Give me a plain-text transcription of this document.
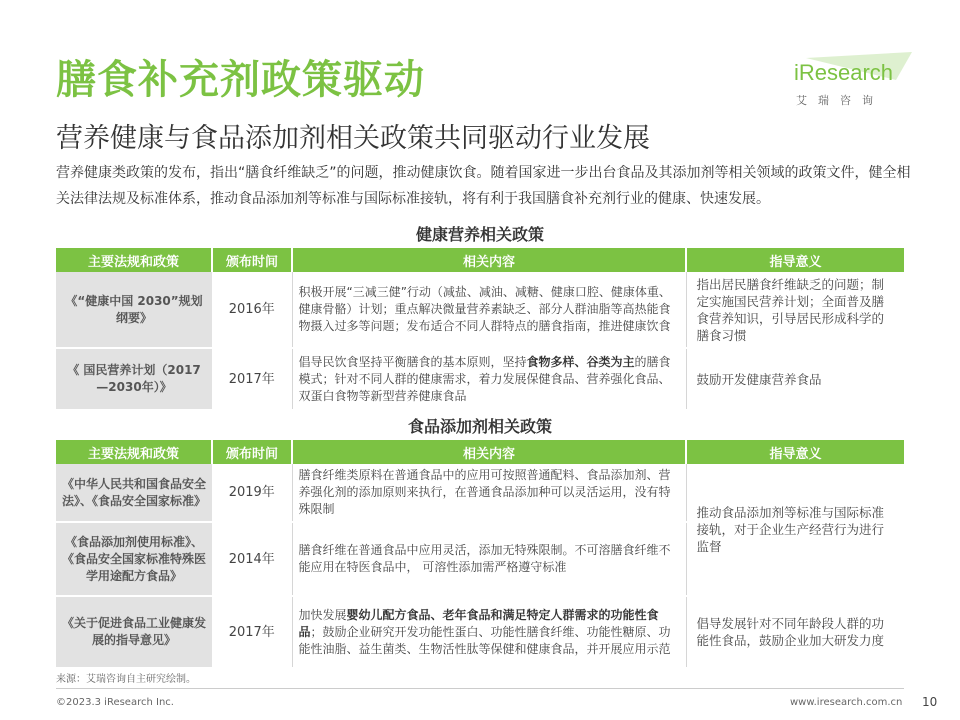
膳食补充剂政策驱动	iResearch
艾瑞咨询
营养健康与食品添加剂相关政策共同驱动行业发展
营养健康类政策的发布，指出“膳食纤维缺乏”的问题，推动健康饮食。随着国家进一步出台食品及其添加剂等相关领域的政策文件，健全相关法律法规及标准体系，推动食品添加剂等标准与国际标准接轨，将有利于我国膳食补充剂行业的健康、快速发展。
健康营养相关政策
主要法规和政策	颁布时间	相关内容	指导意义
《“健康中国 2030”规划纲要》	2016年	积极开展“三减三健”行动（减盐、减油、减糖、健康口腔、健康体重、健康骨骼）计划；重点解决微量营养素缺乏、部分人群油脂等高热能食物摄入过多等问题；发布适合不同人群特点的膳食指南，推进健康饮食	指出居民膳食纤维缺乏的问题；制定实施国民营养计划；全面普及膳食营养知识，引导居民形成科学的膳食习惯
《 国民营养计划（2017—2030年）》	2017年	倡导民饮食坚持平衡膳食的基本原则，坚持食物多样、谷类为主的膳食模式；针对不同人群的健康需求，着力发展保健食品、营养强化食品、双蛋白食物等新型营养健康食品	鼓励开发健康营养食品
食品添加剂相关政策
主要法规和政策	颁布时间	相关内容	指导意义
《中华人民共和国食品安全法》、《食品安全国家标准》	2019年	膳食纤维类原料在普通食品中的应用可按照普通配料、食品添加剂、营养强化剂的添加原则来执行，在普通食品添加种可以灵活运用，没有特殊限制	推动食品添加剂等标准与国际标准接轨，对于企业生产经营行为进行监督
《食品添加剂使用标准》、《食品安全国家标准特殊医学用途配方食品》	2014年	膳食纤维在普通食品中应用灵活，添加无特殊限制。不可溶膳食纤维不能应用在特医食品中， 可溶性添加需严格遵守标准	
《关于促进食品工业健康发展的指导意见》	2017年	加快发展婴幼儿配方食品、老年食品和满足特定人群需求的功能性食品；鼓励企业研究开发功能性蛋白、功能性膳食纤维、功能性糖原、功能性油脂、益生菌类、生物活性肽等保健和健康食品，并开展应用示范	倡导发展针对不同年龄段人群的功能性食品，鼓励企业加大研发力度
来源：艾瑞咨询自主研究绘制。
©2023.3 iResearch Inc.	www.iresearch.com.cn 10
